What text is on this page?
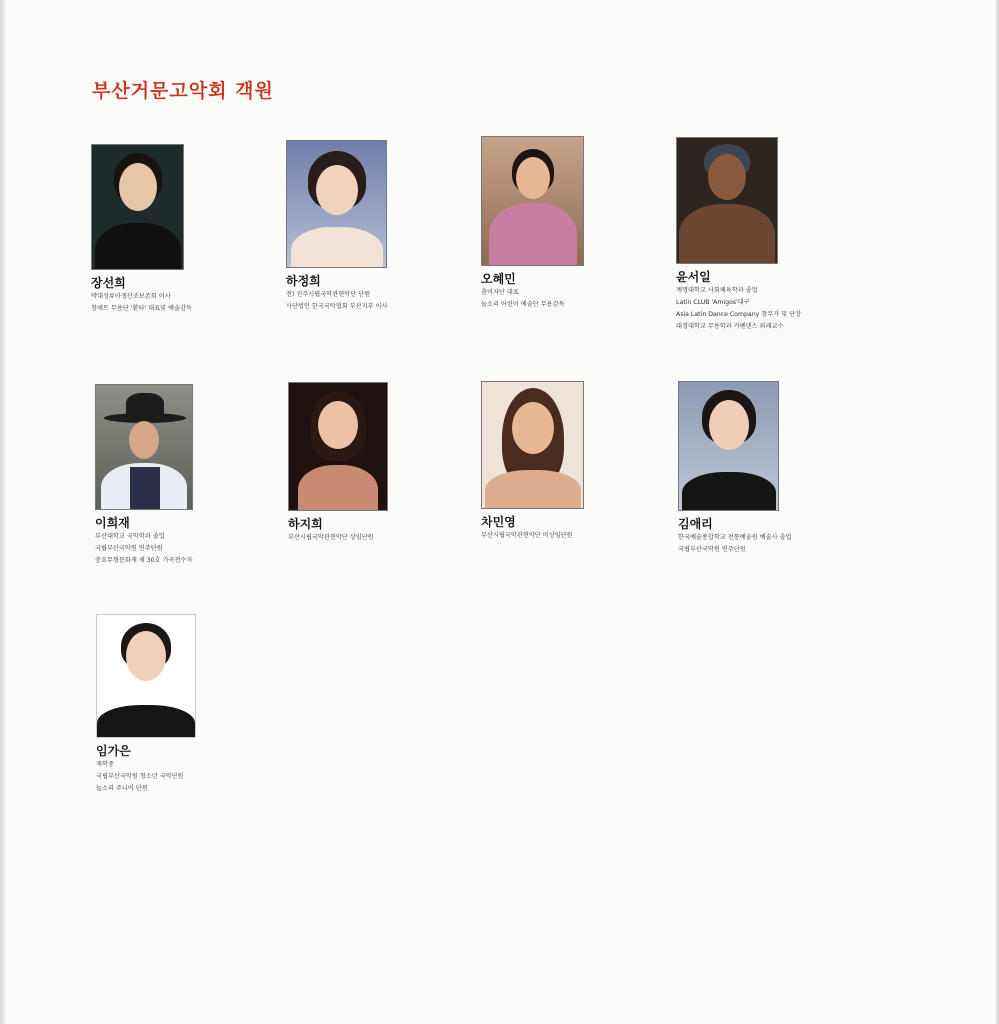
부산거문고악회 객원
장선희
박대성류아쟁산조보존회 이사
창세트 무용단 '환타' 대표및 예술감독
하정희
전) 진주시립국악관현악단 단원
사단법인 한국국악협회 부산지부 이사
오혜민
춤비자단 대표
놀소리 어린이 예술단 무용감독
윤서일
계명대학교 사회체육학과 졸업
Latin CLUB 'Amigos'대구
Asia Latin Dance Company 창무가 및 단장
대경대학교 무용학과 카펜댄스 외래교수
이희재
부산대학교 국악학과 졸업
국립부산국악원 연주단원
중요무형문화재 제 30호 가곡전수자
하지희
부산시립국악관현악단 상임단원
차민영
부산시립국악관현악단 비상임단원
김애리
한국예술종합학교 전통예술원 예술사 졸업
국립부산국악원 연주단원
임가은
재학중
국립부산국악원 청소년 국악단원
놀소리 주니어 단원
